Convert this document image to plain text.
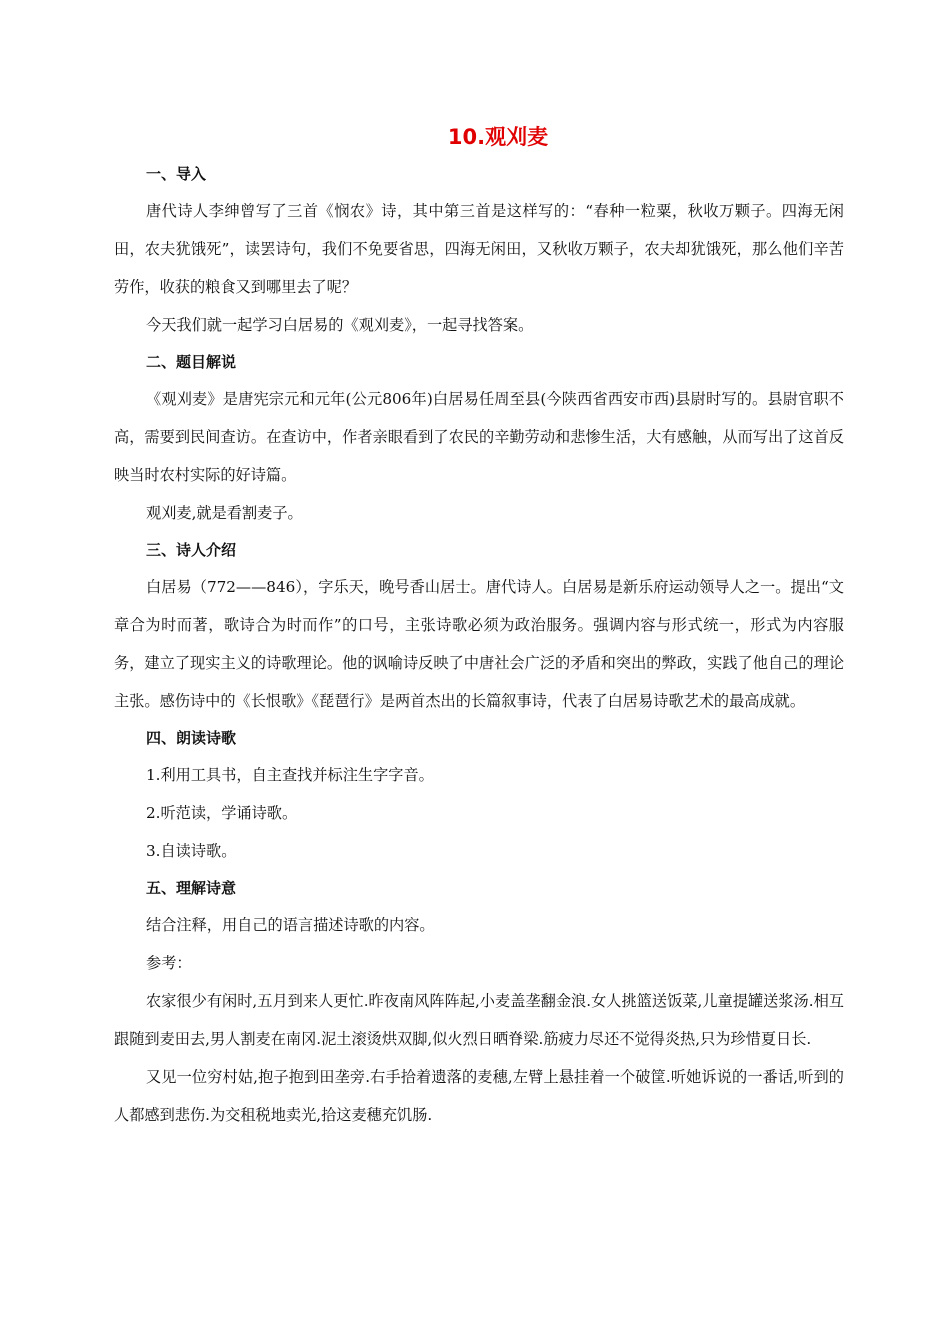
10.观刈麦
一、导入

唐代诗人李绅曾写了三首《悯农》诗，其中第三首是这样写的：“春种一粒粟，秋收万颗子。四海无闲田，农夫犹饿死”，读罢诗句，我们不免要省思，四海无闲田，又秋收万颗子，农夫却犹饿死，那么他们辛苦劳作，收获的粮食又到哪里去了呢？

今天我们就一起学习白居易的《观刈麦》，一起寻找答案。

二、题目解说

《观刈麦》是唐宪宗元和元年(公元806年)白居易任周至县(今陕西省西安市西)县尉时写的。县尉官职不高，需要到民间查访。在查访中，作者亲眼看到了农民的辛勤劳动和悲惨生活，大有感触，从而写出了这首反映当时农村实际的好诗篇。

观刈麦,就是看割麦子。

三、诗人介绍

白居易（772——846），字乐天，晚号香山居士。唐代诗人。白居易是新乐府运动领导人之一。提出“文章合为时而著，歌诗合为时而作”的口号，主张诗歌必须为政治服务。强调内容与形式统一，形式为内容服务，建立了现实主义的诗歌理论。他的讽喻诗反映了中唐社会广泛的矛盾和突出的弊政，实践了他自己的理论主张。感伤诗中的《长恨歌》《琵琶行》是两首杰出的长篇叙事诗，代表了白居易诗歌艺术的最高成就。

四、朗读诗歌

1.利用工具书，自主查找并标注生字字音。

2.听范读，学诵诗歌。

3.自读诗歌。

五、理解诗意

结合注释，用自己的语言描述诗歌的内容。

参考：

农家很少有闲时,五月到来人更忙.昨夜南风阵阵起,小麦盖垄翻金浪.女人挑篮送饭菜,儿童提罐送浆汤.相互跟随到麦田去,男人割麦在南冈.泥土滚烫烘双脚,似火烈日晒脊梁.筋疲力尽还不觉得炎热,只为珍惜夏日长.

又见一位穷村姑,抱子抱到田垄旁.右手拾着遗落的麦穗,左臂上悬挂着一个破筐.听她诉说的一番话,听到的人都感到悲伤.为交租税地卖光,拾这麦穗充饥肠.
